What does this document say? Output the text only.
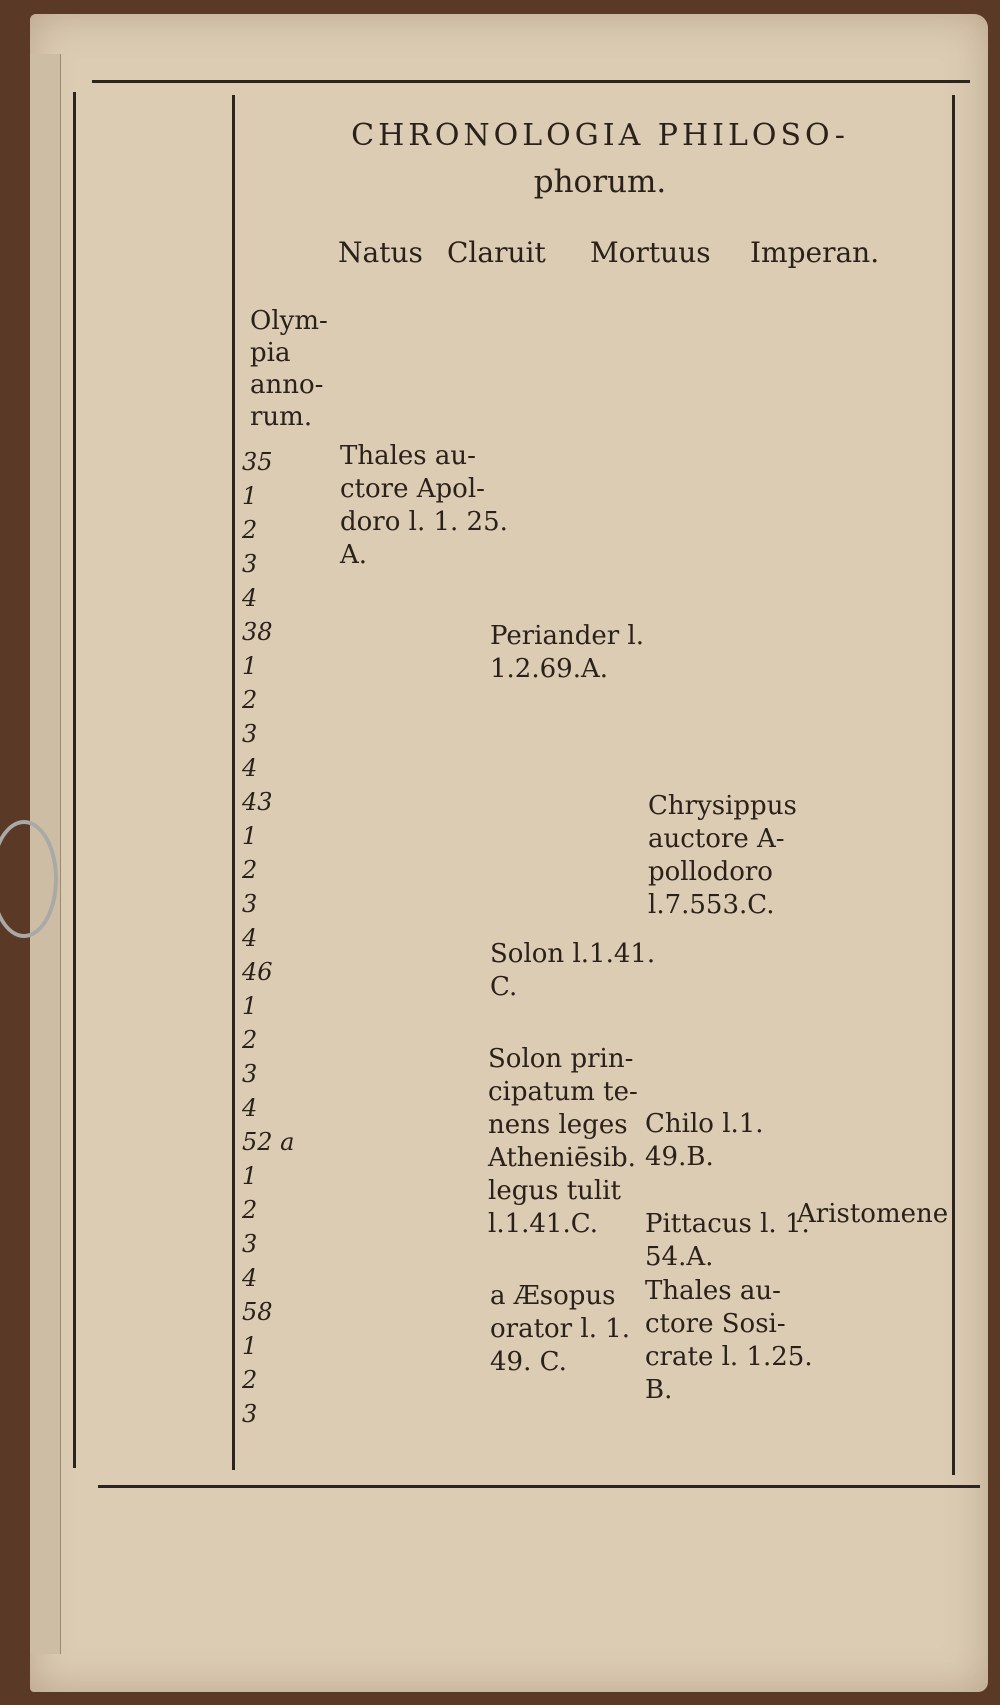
CHRONOLOGIA PHILOSO-
phorum.
Natus Claruit Mortuus Imperan.
Olym-
pia
anno-
rum.
35
1
2
3
4
38
1
2
3
4
43
1
2
3
4
46
1
2
3
4
52 a
1
2
3
4
58
1
2
3
Thales au-
ctore Apol-
doro l. 1. 25.
A.
Periander l.
1.2.69.A.
Chrysippus
auctore A-
pollodoro
l.7.553.C.
Solon l.1.41.
C.
Solon prin-
cipatum te-
nens leges
Atheniēsib.
legus tulit
l.1.41.C.
Chilo l.1.
49.B.
Pittacus l. 1.
54.A.
Aristomene
a Æsopus
orator l. 1.
49. C.
Thales au-
ctore Sosi-
crate l. 1.25.
B.
